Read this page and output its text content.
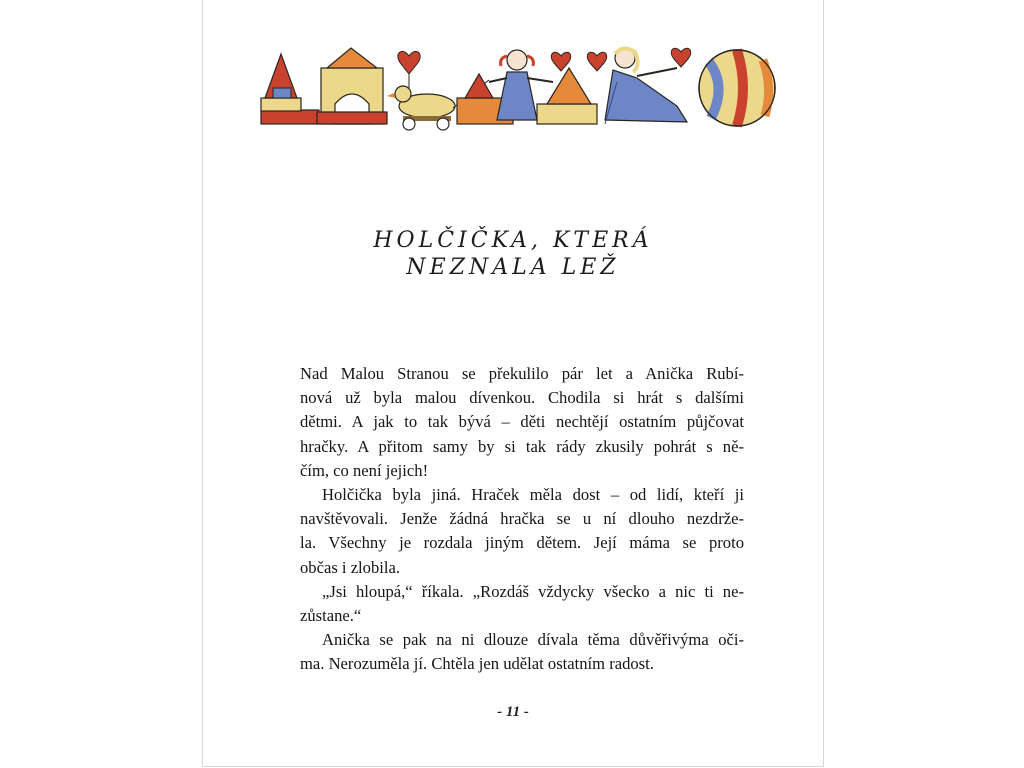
HOLČIČKA, KTERÁ
NEZNALA LEŽ
Nad Malou Stranou se překulilo pár let a Anička Rubí-
nová už byla malou dívenkou. Chodila si hrát s dalšími
dětmi. A jak to tak bývá – děti nechtějí ostatním půjčovat
hračky. A přitom samy by si tak rády zkusily pohrát s ně-
čím, co není jejich!
Holčička byla jiná. Hraček měla dost – od lidí, kteří ji
navštěvovali. Jenže žádná hračka se u ní dlouho nezdrže-
la. Všechny je rozdala jiným dětem. Její máma se proto
občas i zlobila.
„Jsi hloupá,“ říkala. „Rozdáš vždycky všecko a nic ti ne-
zůstane.“
Anička se pak na ni dlouze dívala těma důvěřivýma oči-
ma. Nerozuměla jí. Chtěla jen udělat ostatním radost.
- 11 -
